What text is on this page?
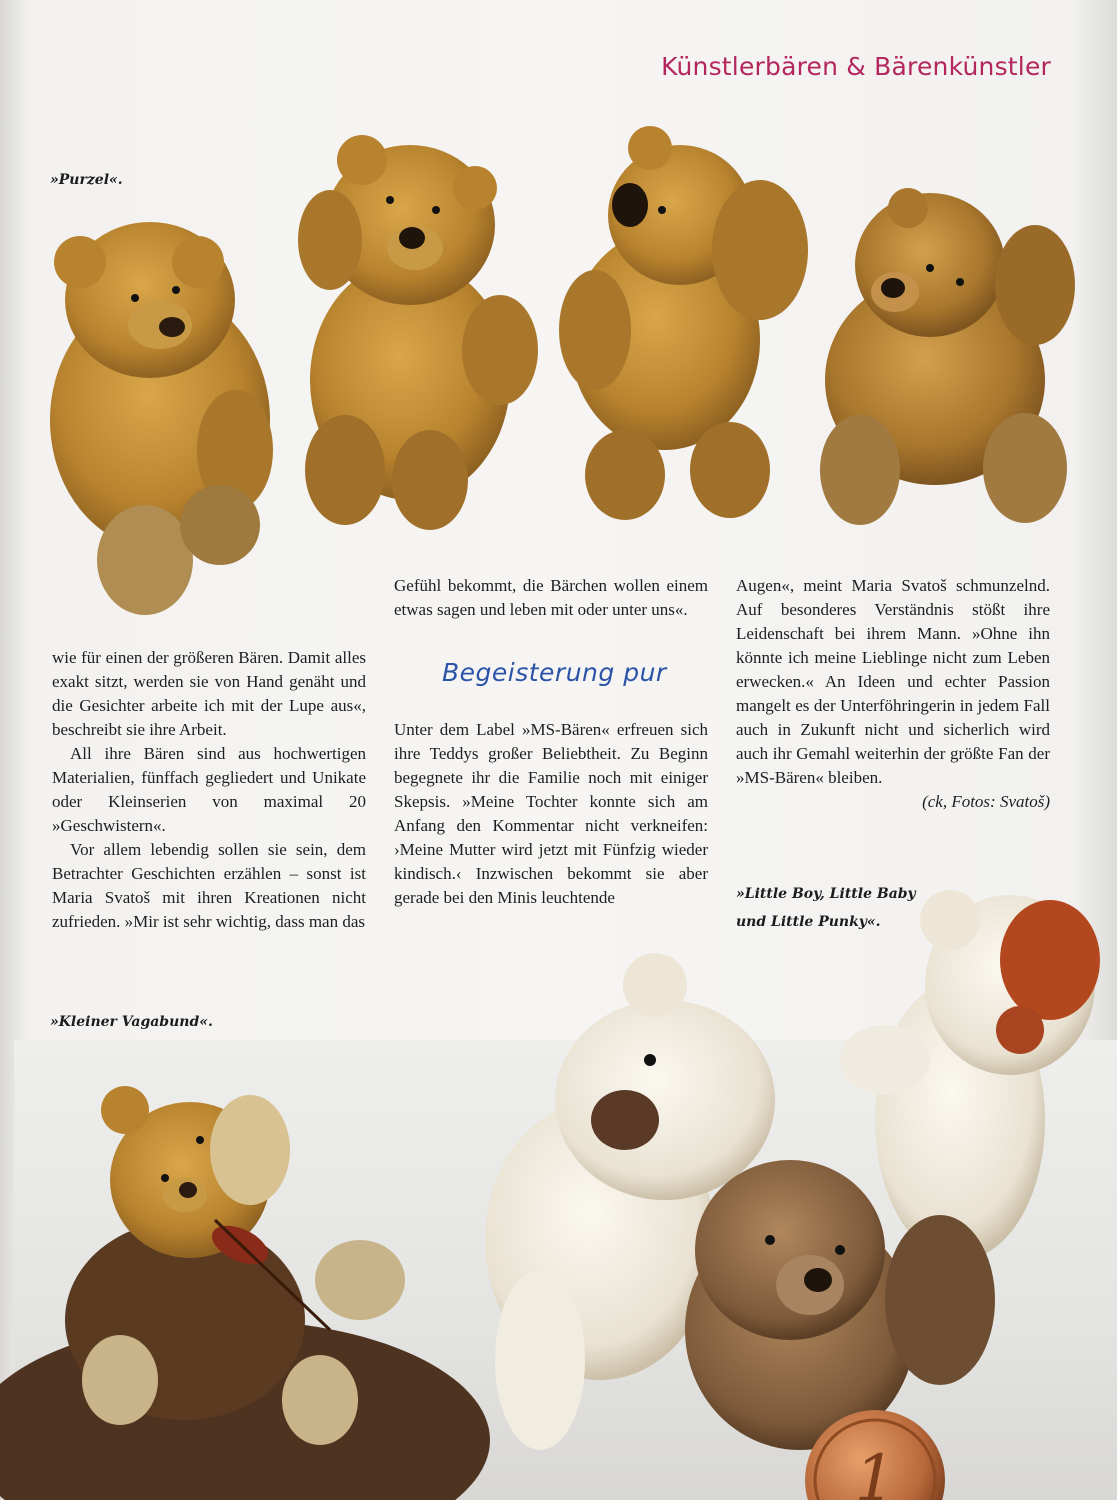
1
Künstlerbären & Bärenkünstler
»Purzel«.
»Little Boy, Little Baby und Little Punky«.
»Kleiner Vagabund«.

wie für einen der größeren Bären. Damit alles exakt sitzt, werden sie von Hand genäht und die Gesichter arbeite ich mit der Lupe aus«, beschreibt sie ihre Arbeit.

All ihre Bären sind aus hochwertigen Materialien, fünffach gegliedert und Unikate oder Kleinserien von maximal 20 »Geschwistern«.

Vor allem lebendig sollen sie sein, dem Betrachter Geschichten erzählen – sonst ist Maria Svatoš mit ihren Kreationen nicht zufrieden. »Mir ist sehr wichtig, dass man das

Gefühl bekommt, die Bärchen wollen einem etwas sagen und leben mit oder unter uns«.

Begeisterung pur

Unter dem Label »MS-Bären« erfreuen sich ihre Teddys großer Beliebtheit. Zu Beginn begegnete ihr die Familie noch mit einiger Skepsis. »Meine Tochter konnte sich am Anfang den Kommentar nicht verkneifen: ›Meine Mutter wird jetzt mit Fünfzig wieder kindisch.‹ Inzwischen bekommt sie aber gerade bei den Minis leuchtende

Augen«, meint Maria Svatoš schmunzelnd. Auf besonderes Verständnis stößt ihre Leidenschaft bei ihrem Mann. »Ohne ihn könnte ich meine Lieblinge nicht zum Leben erwecken.« An Ideen und echter Passion mangelt es der Unterföhringerin in jedem Fall auch in Zukunft nicht und sicherlich wird auch ihr Gemahl weiterhin der größte Fan der »MS-Bären« bleiben.

(ck, Fotos: Svatoš)
